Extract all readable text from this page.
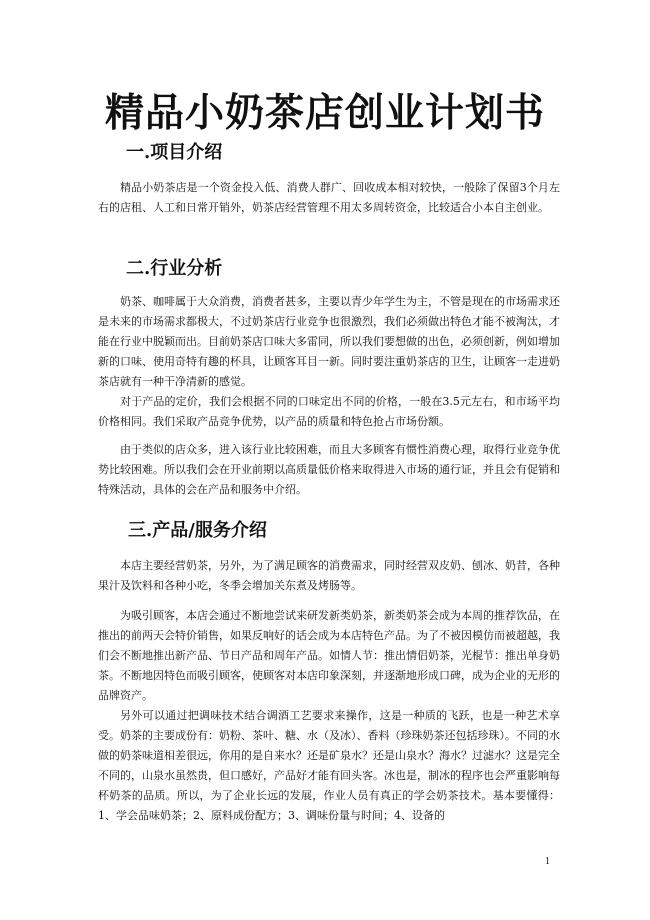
精品小奶茶店创业计划书
一.项目介绍

精品小奶茶店是一个资金投入低、消费人群广、回收成本相对较快，一般除了保留3个月左右的店租、人工和日常开销外，奶茶店经营管理不用太多周转资金，比较适合小本自主创业。

二.行业分析

奶茶、咖啡属于大众消费，消费者甚多，主要以青少年学生为主，不管是现在的市场需求还是未来的市场需求都极大，不过奶茶店行业竞争也很激烈，我们必须做出特色才能不被淘汰，才能在行业中脱颖而出。目前奶茶店口味大多雷同，所以我们要想做的出色，必须创新，例如增加新的口味、使用奇特有趣的杯具，让顾客耳目一新。同时要注重奶茶店的卫生，让顾客一走进奶茶店就有一种干净清新的感觉。

对于产品的定价，我们会根据不同的口味定出不同的价格，一般在3.5元左右，和市场平均价格相同。我们采取产品竞争优势，以产品的质量和特色抢占市场份额。

由于类似的店众多，进入该行业比较困难，而且大多顾客有惯性消费心理，取得行业竞争优势比较困难。所以我们会在开业前期以高质量低价格来取得进入市场的通行证，并且会有促销和特殊活动，具体的会在产品和服务中介绍。

三.产品/服务介绍

本店主要经营奶茶，另外，为了满足顾客的消费需求，同时经营双皮奶、刨冰、奶昔，各种果汁及饮料和各种小吃，冬季会增加关东煮及烤肠等。

为吸引顾客，本店会通过不断地尝试来研发新类奶茶，新类奶茶会成为本周的推荐饮品，在推出的前两天会特价销售，如果反响好的话会成为本店特色产品。为了不被因模仿而被超越，我们会不断地推出新产品、节日产品和周年产品。如情人节：推出情侣奶茶，光棍节：推出单身奶茶。不断地因特色而吸引顾客，使顾客对本店印象深刻，并逐渐地形成口碑，成为企业的无形的品牌资产。

另外可以通过把调味技术结合调酒工艺要求来操作，这是一种质的飞跃，也是一种艺术享受。奶茶的主要成份有：奶粉、茶叶、糖、水（及冰）、香料（珍珠奶茶还包括珍珠）。不同的水做的奶茶味道相差很远，你用的是自来水？还是矿泉水？还是山泉水？海水？过滤水？这是完全不同的，山泉水虽然贵，但口感好，产品好才能有回头客。冰也是，制冰的程序也会严重影响每杯奶茶的品质。所以，为了企业长远的发展，作业人员有真正的学会奶茶技术。基本要懂得：1、学会品味奶茶；2、原料成份配方；3、调味份量与时间；4、设备的

1
